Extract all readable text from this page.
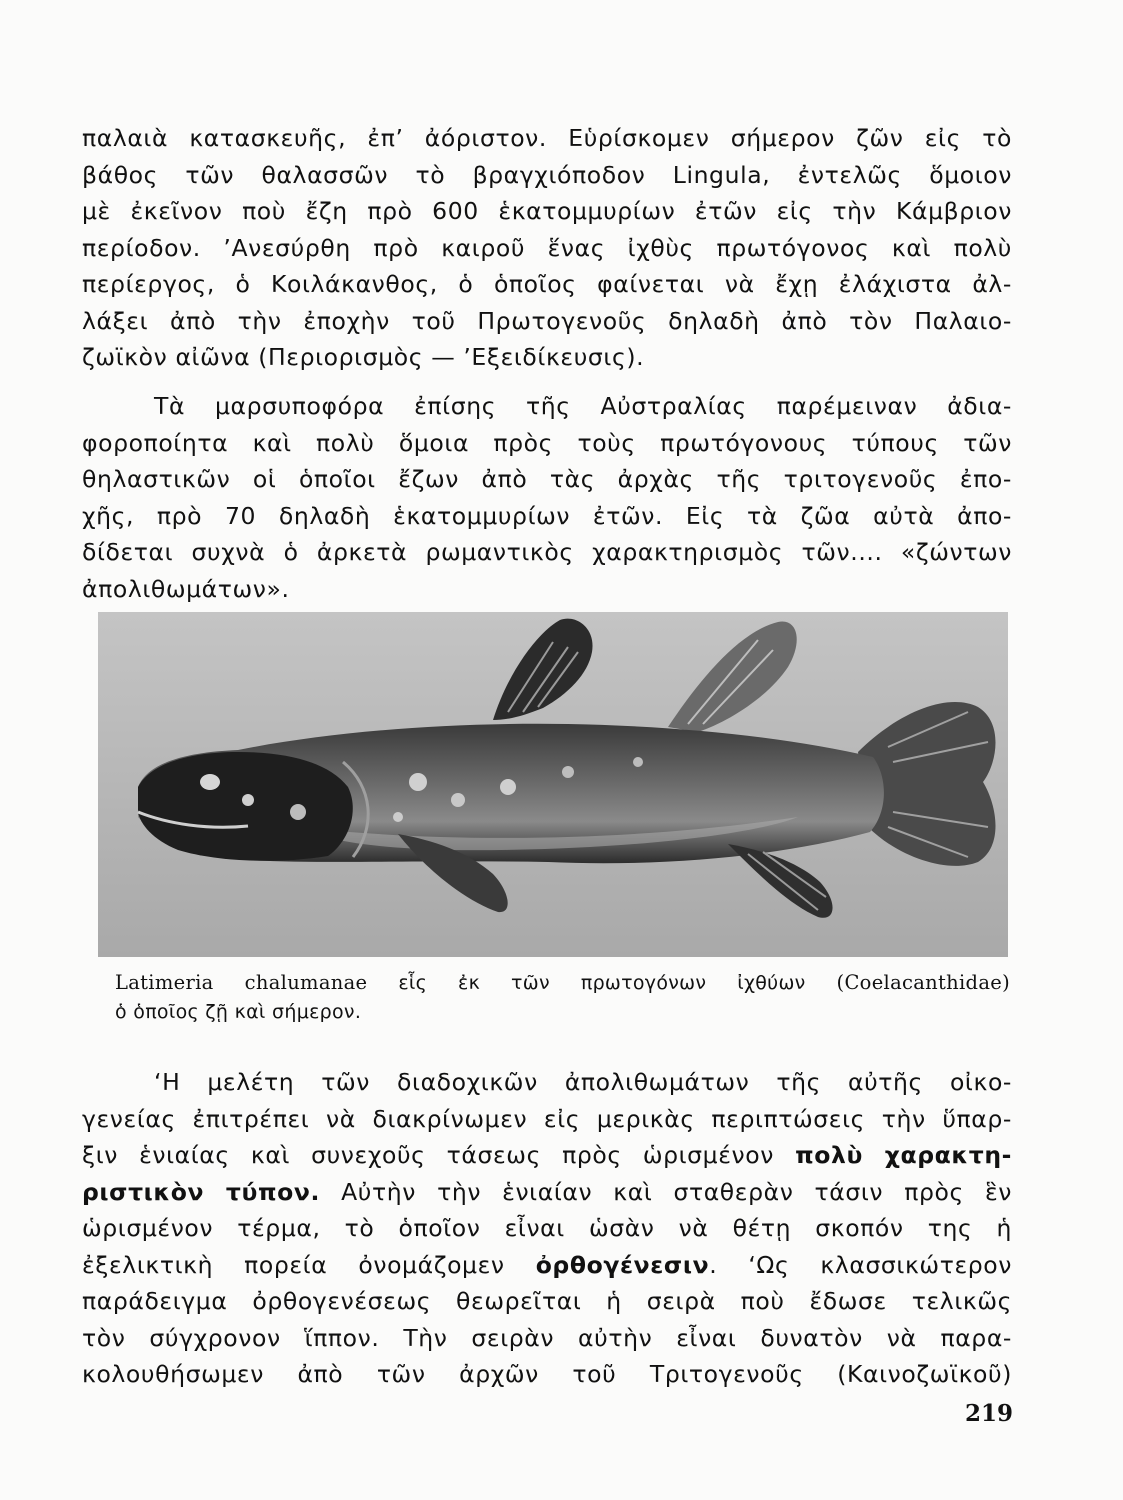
παλαιὰ κατασκευῆς, ἐπ’ ἀόριστον. Εὑρίσκομεν σήμερον ζῶν εἰς τὸ
βάθος τῶν θαλασσῶν τὸ βραγχιόποδον Lingula, ἐντελῶς ὅμοιον
μὲ ἐκεῖνον ποὺ ἔζη πρὸ 600 ἑκατομμυρίων ἐτῶν εἰς τὴν Κάμβριον
περίοδον. ’Ανεσύρθη πρὸ καιροῦ ἕνας ἰχθὺς πρωτόγονος καὶ πολὺ
περίεργος, ὁ Κοιλάκανθος, ὁ ὁποῖος φαίνεται νὰ ἔχῃ ἐλάχιστα ἀλ-
λάξει ἀπὸ τὴν ἐποχὴν τοῦ Πρωτογενοῦς δηλαδὴ ἀπὸ τὸν Παλαιο-
ζωϊκὸν αἰῶνα (Περιορισμὸς — ’Εξειδίκευσις).
Τὰ μαρσυποφόρα ἐπίσης τῆς Αὐστραλίας παρέμειναν ἀδια-
φοροποίητα καὶ πολὺ ὅμοια πρὸς τοὺς πρωτόγονους τύπους τῶν
θηλαστικῶν οἱ ὁποῖοι ἔζων ἀπὸ τὰς ἀρχὰς τῆς τριτογενοῦς ἐπο-
χῆς, πρὸ 70 δηλαδὴ ἑκατομμυρίων ἐτῶν. Εἰς τὰ ζῶα αὐτὰ ἀπο-
δίδεται συχνὰ ὁ ἀρκετὰ ρωμαντικὸς χαρακτηρισμὸς τῶν.... «ζώντων
ἀπολιθωμάτων».
Latimeria chalumanae εἷς ἐκ τῶν πρωτογόνων ἰχθύων (Coelacanthidae)
ὁ ὁποῖος ζῇ καὶ σήμερον.
‘Η μελέτη τῶν διαδοχικῶν ἀπολιθωμάτων τῆς αὐτῆς οἰκο-
γενείας ἐπιτρέπει νὰ διακρίνωμεν εἰς μερικὰς περιπτώσεις τὴν ὕπαρ-
ξιν ἑνιαίας καὶ συνεχοῦς τάσεως πρὸς ὡρισμένον πολὺ χαρακτη-
ριστικὸν τύπον. Αὐτὴν τὴν ἑνιαίαν καὶ σταθερὰν τάσιν πρὸς ἓν
ὡρισμένον τέρμα, τὸ ὁποῖον εἶναι ὡσὰν νὰ θέτῃ σκοπόν της ἡ
ἐξελικτικὴ πορεία ὀνομάζομεν ὀρθογένεσιν. ‘Ως κλασσικώτερον
παράδειγμα ὀρθογενέσεως θεωρεῖται ἡ σειρὰ ποὺ ἔδωσε τελικῶς
τὸν σύγχρονον ἵππον. Τὴν σειρὰν αὐτὴν εἶναι δυνατὸν νὰ παρα-
κολουθήσωμεν ἀπὸ τῶν ἀρχῶν τοῦ Τριτογενοῦς (Καινοζωϊκοῦ)
219
